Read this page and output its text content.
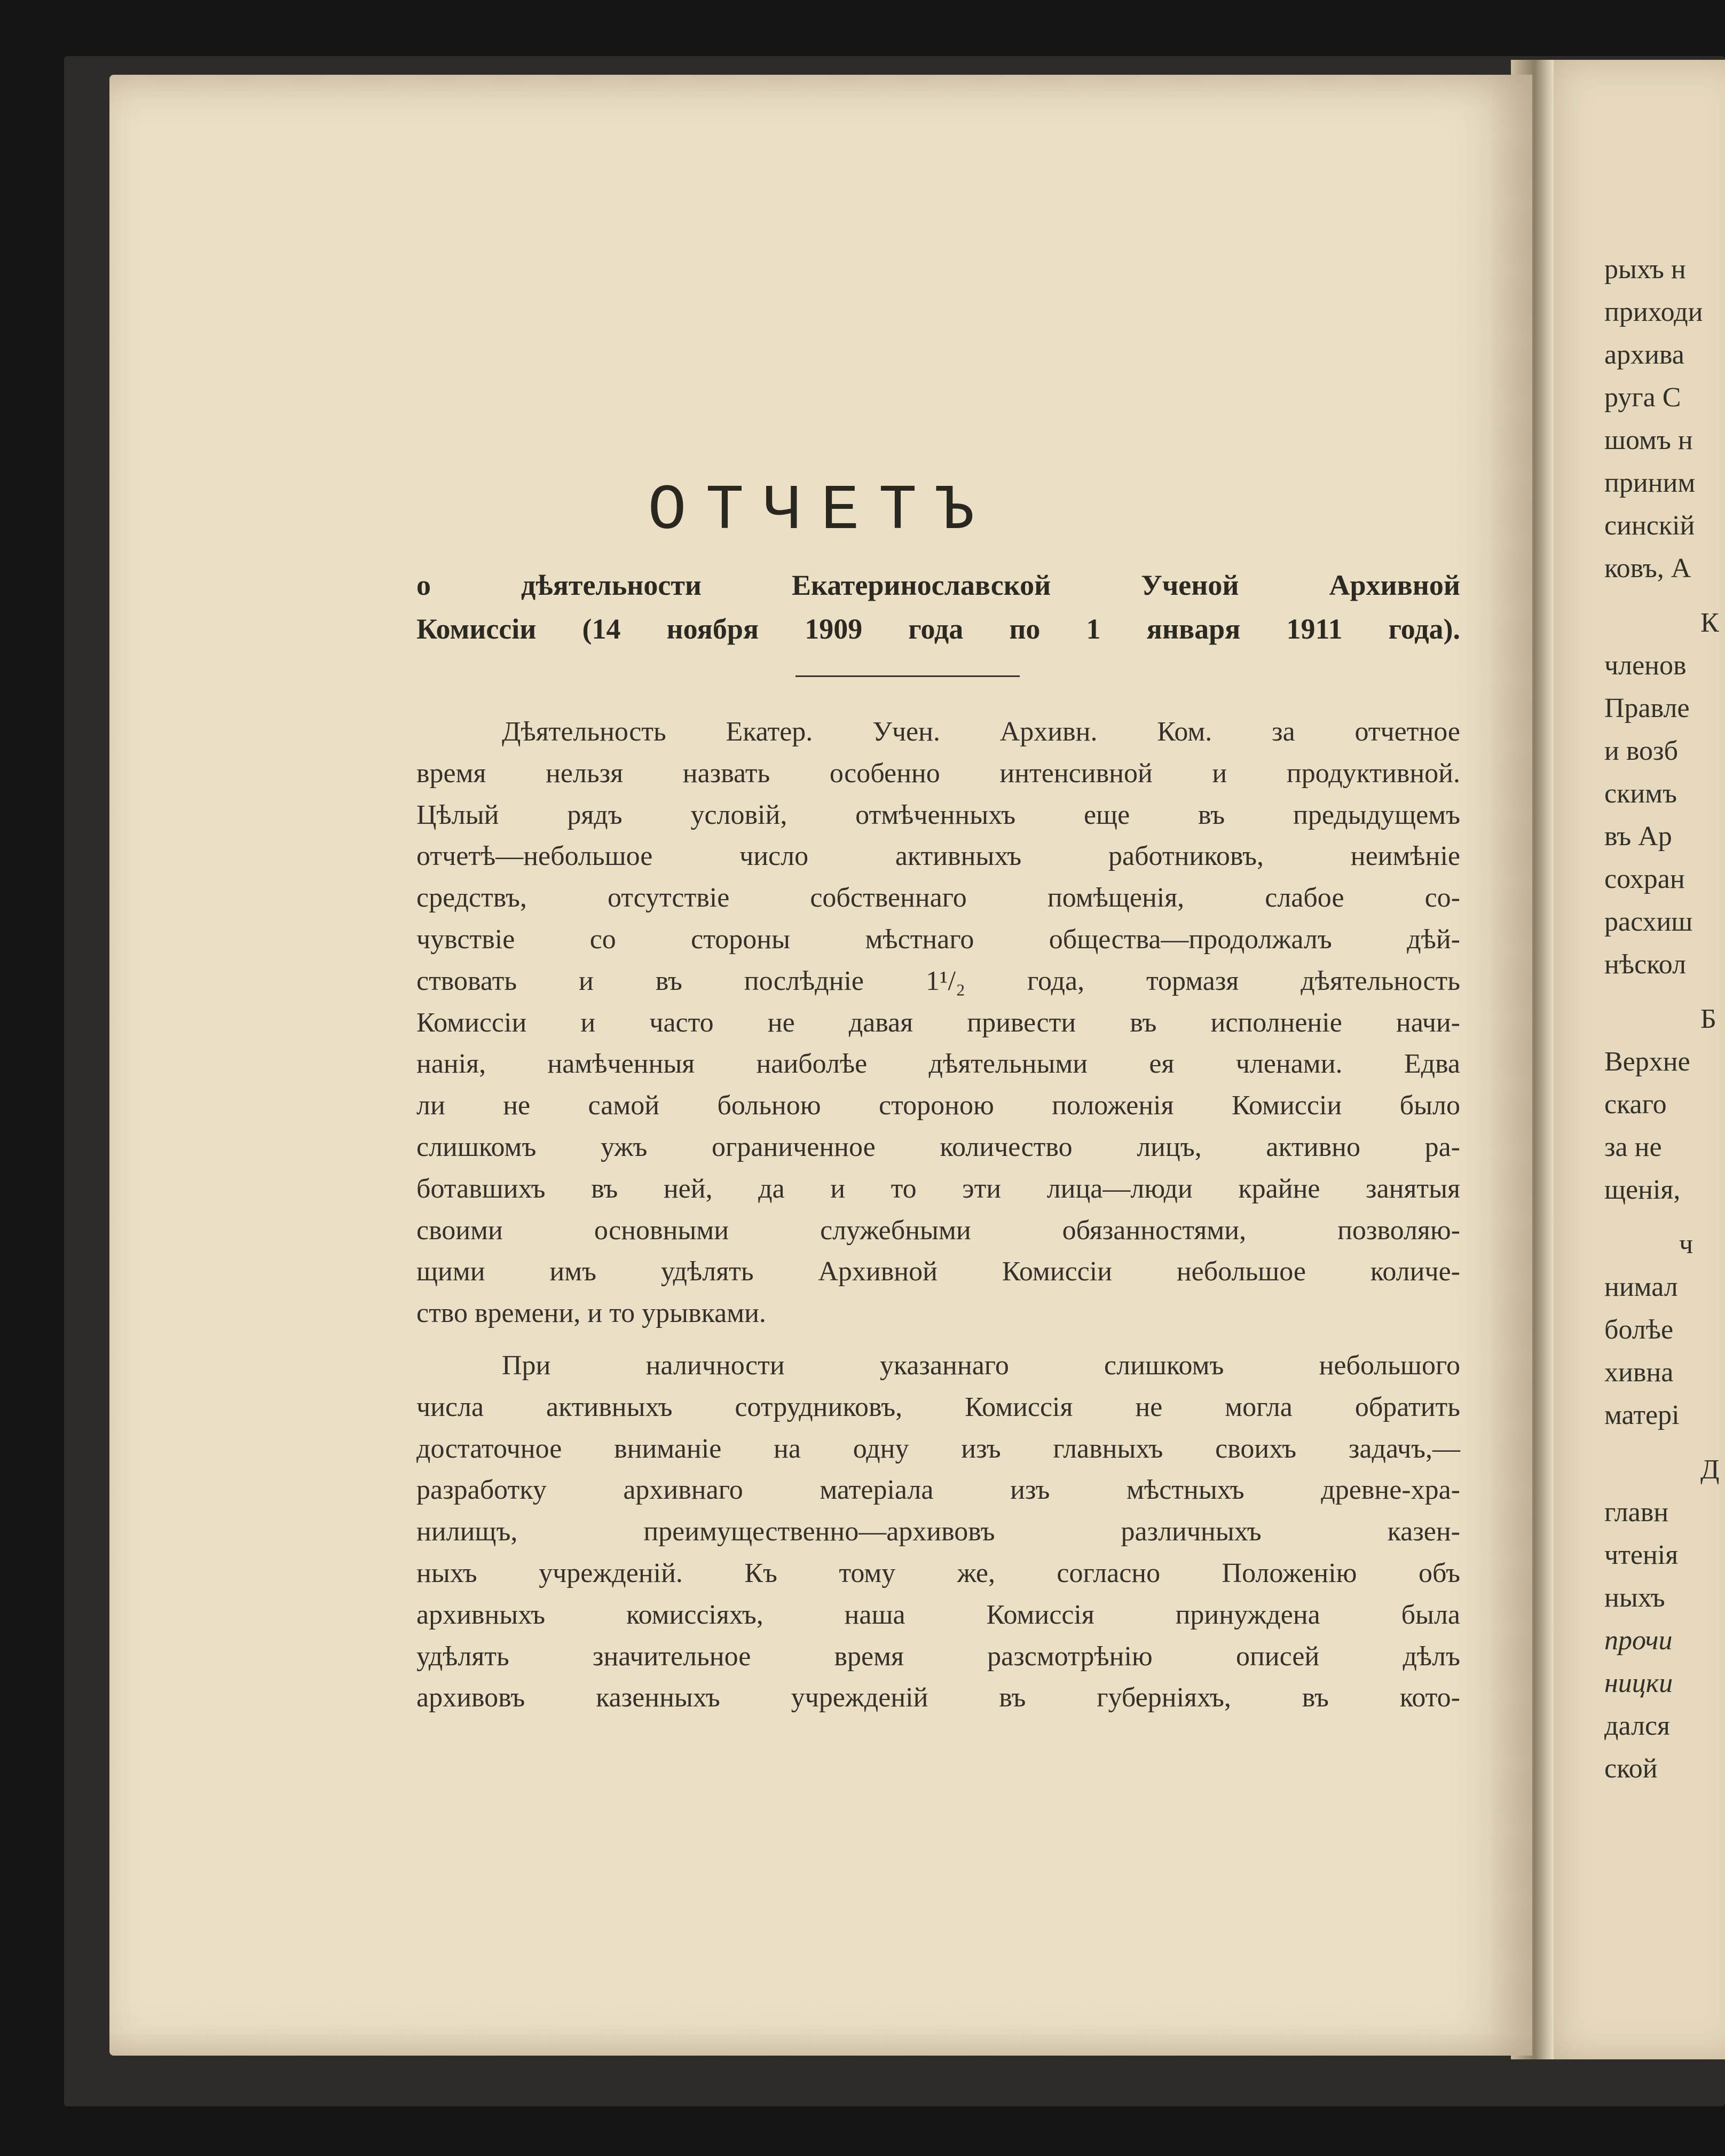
ОТЧЕТЪ
о дѣятельности Екатеринославской Ученой Архивной
Комиссіи (14 ноября 1909 года по 1 января 1911 года).

Дѣятельность Екатер. Учен. Архивн. Ком. за отчетное
время нельзя назвать особенно интенсивной и продуктивной.
Цѣлый рядъ условій, отмѣченныхъ еще въ предыдущемъ
отчетѣ—небольшое число активныхъ работниковъ, неимѣніе
средствъ, отсутствіе собственнаго помѣщенія, слабое со-
чувствіе со стороны мѣстнаго общества—продолжалъ дѣй-
ствовать и въ послѣдніе 1¹/₂ года, тормазя дѣятельность
Комиссіи и часто не давая привести въ исполненіе начи-
нанія, намѣченныя наиболѣе дѣятельными ея членами. Едва
ли не самой больною стороною положенія Комиссіи было
слишкомъ ужъ ограниченное количество лицъ, активно ра-
ботавшихъ въ ней, да и то эти лица—люди крайне занятыя
своими основными служебными обязанностями, позволяю-
щими имъ удѣлять Архивной Комиссіи небольшое количе-
ство времени, и то урывками.

При наличности указаннаго слишкомъ небольшого
числа активныхъ сотрудниковъ, Комиссія не могла обратить
достаточное вниманіе на одну изъ главныхъ своихъ задачъ,—
разработку архивнаго матеріала изъ мѣстныхъ древне-хра-
нилищъ, преимущественно—архивовъ различныхъ казен-
ныхъ учрежденій. Къ тому же, согласно Положенію объ
архивныхъ комиссіяхъ, наша Комиссія принуждена была
удѣлять значительное время разсмотрѣнію описей дѣлъ
архивовъ казенныхъ учрежденій въ губерніяхъ, въ кото-

рыхъ н
приходи
архива
руга С
шомъ н
приним
синскій
ковъ, А
К
членов
Правле
и возб
скимъ
въ Ар
сохран
расхиш
нѣскол
Б
Верхне
скаго
за не
щенія,
ч
нимал
болѣе
хивна
матері
Д
главн
чтенія
ныхъ
прочи
ницки
дался
ской
